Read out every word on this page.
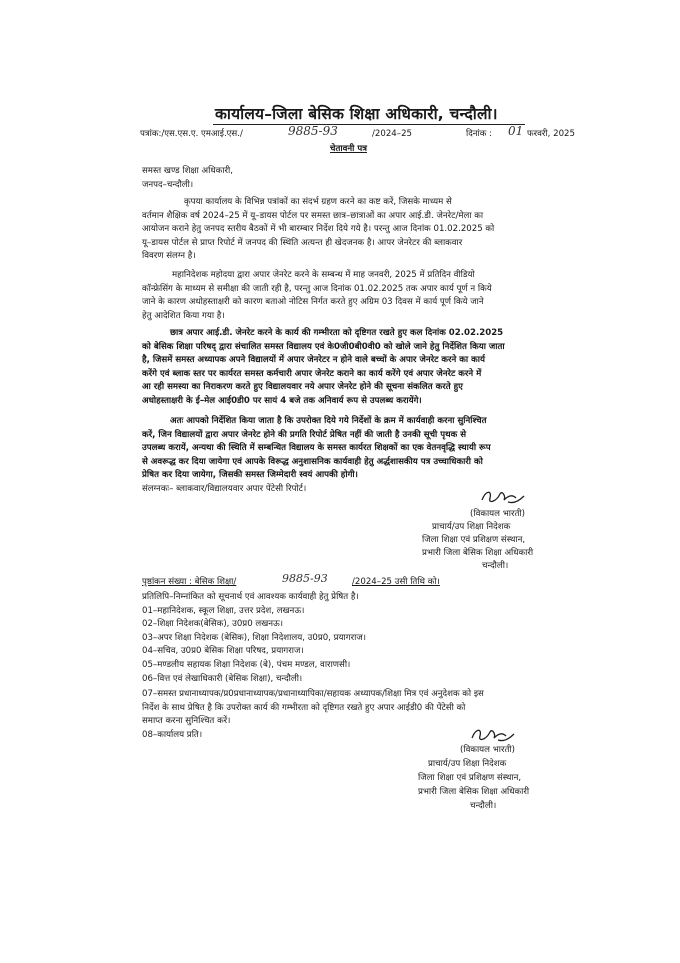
कार्यालय–जिला बेसिक शिक्षा अधिकारी, चन्दौली।
पत्रांक:/एस.एस.ए. एमआई.एस./	9885-93	/2024–25	दिनांक : 01 फरवरी, 2025
चेतावनी पत्र
समस्त खण्ड शिक्षा अधिकारी,
जनपद–चन्दौली।
कृपया कार्यालय के विभिन्न पत्रांकों का संदर्भ ग्रहण करने का कष्ट करें, जिसके माध्यम से
वर्तमान शैक्षिक वर्ष 2024–25 में यू–डायस पोर्टल पर समस्त छात्र–छात्राओं का अपार आई.डी. जेनरेट/मेला का
आयोजन कराने हेतु जनपद स्तरीय बैठकों में भी बारम्बार निर्देश दिये गये है। परन्तु आज दिनांक 01.02.2025 को
यू–डायस पोर्टल से प्राप्त रिपोर्ट में जनपद की स्थिति अत्यन्त ही खेदजनक है। आपर जेनरेटर की ब्लाकवार
विवरण संलग्न है।
महानिदेशक महोदया द्वारा अपार जेनरेट करने के सम्बन्ध में माह जनवरी, 2025 में प्रतिदिन वीडियो
कॉन्फ्रेसिंग के माध्यम से समीक्षा की जाती रही है, परन्तु आज दिनांक 01.02.2025 तक अपार कार्य पूर्ण न किये
जाने के कारण अधोहस्ताक्षरी को कारण बताओ नोटिस निर्गत करते हुए अग्रिम 03 दिवस में कार्य पूर्ण किये जाने
हेतु आदेशित किया गया है।
छात्र अपार आई.डी. जेनरेट करने के कार्य की गम्भीरता को दृष्टिगत रखते हुए कल दिनांक 02.02.2025
को बेसिक शिक्षा परिषद् द्वारा संचालित समस्त विद्यालय एवं के0जी0बी0वी0 को खोले जाने हेतु निर्देशित किया जाता
है, जिसमें समस्त अध्यापक अपने विद्यालयों में अपार जेनरेटर न होने वाले बच्चों के अपार जेनरेट करने का कार्य
करेंगे एवं ब्लाक स्तर पर कार्यरत समस्त कर्मचारी अपार जेनरेट कराने का कार्य करेंगे एवं अपार जेनरेट करने में
आ रही समस्या का निराकरण करते हुए विद्यालयवार नये अपार जेनरेट होने की सूचना संकलित करते हुए
अधोहस्ताक्षरी के ई–मेल आई0डी0 पर सायं 4 बजे तक अनिवार्य रूप से उपलब्ध करायेंगे।
अतः आपको निर्देशित किया जाता है कि उपरोक्त दिये गये निर्देशों के क्रम में कार्यवाही करना सुनिश्चित
करें, जिन विद्यालयों द्वारा अपार जेनरेट होने की प्रगति रिपोर्ट प्रेषित नहीं की जाती है उनकी सूची पृथक से
उपलब्ध करायें, अन्यथा की स्थिति में सम्बन्धित विद्यालय के समस्त कार्यरत शिक्षकों का एक वेतनवृद्धि स्थायी रूप
से अवरूद्ध कर दिया जायेगा एवं आपके विरूद्ध अनुशासनिक कार्यवाही हेतु अर्द्धशासकीय पत्र उच्चाधिकारी को
प्रेषित कर दिया जायेगा, जिसकी समस्त जिम्मेदारी स्वयं आपकी होगी।
संलग्नकः– ब्लाकवार/विद्यालयवार अपार पेंटेसी रिपोर्ट।
(विकायल भारती)
प्राचार्य/उप शिक्षा निदेशक
जिला शिक्षा एवं प्रशिक्षण संस्थान,
प्रभारी जिला बेसिक शिक्षा अधिकारी
चन्दौली।
पृष्ठांकन संख्या : बेसिक शिक्षा/	9885-93	/2024–25 उसी तिथि को।
प्रतिलिपि–निम्नांकित को सूचनार्थ एवं आवश्यक कार्यवाही हेतु प्रेषित है।
01–महानिदेशक, स्कूल शिक्षा, उत्तर प्रदेश, लखनऊ।
02–शिक्षा निदेशक(बेसिक), उ0प्र0 लखनऊ।
03–अपर शिक्षा निदेशक (बेसिक), शिक्षा निदेशालय, उ0प्र0, प्रयागराज।
04–सचिव, उ0प्र0 बेसिक शिक्षा परिषद, प्रयागराज।
05–मण्डलीय सहायक शिक्षा निदेशक (बे), पंचम मण्डल, वाराणसी।
06–वित्त एवं लेखाधिकारी (बेसिक शिक्षा), चन्दौली।
07–समस्त प्रधानाध्यापक/प्र0प्रधानाध्यापक/प्रधानाध्यापिका/सहायक अध्यापक/शिक्षा मित्र एवं अनुदेशक को इस
निर्देश के साथ प्रेषित है कि उपरोक्त कार्य की गम्भीरता को दृष्टिगत रखते हुए अपार आईडी0 की पेंटेसी को
समाप्त करना सुनिश्चित करें।
08–कार्यालय प्रति।
(विकायल भारती)
प्राचार्य/उप शिक्षा निदेशक
जिला शिक्षा एवं प्रशिक्षण संस्थान,
प्रभारी जिला बेसिक शिक्षा अधिकारी
चन्दौली।
